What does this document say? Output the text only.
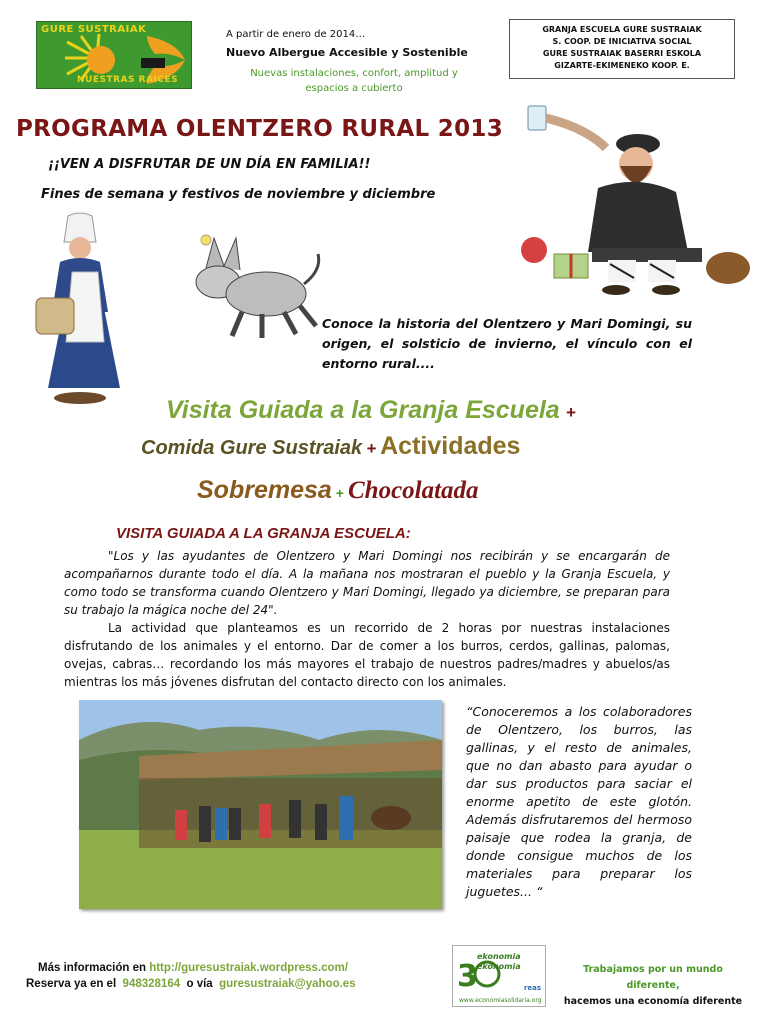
GURE SUSTRAIAK
NUESTRAS RAICES
A partir de enero de 2014…
Nuevo Albergue Accesible y Sostenible
Nuevas instalaciones, confort, amplitud y
espacios a cubierto
GRANJA ESCUELA GURE SUSTRAIAK
S. COOP. DE INICIATIVA SOCIAL
GURE SUSTRAIAK BASERRI ESKOLA
GIZARTE-EKIMENEKO KOOP. E.
PROGRAMA OLENTZERO RURAL 2013
¡¡VEN A DISFRUTAR DE UN DÍA EN FAMILIA!!
Fines de semana y festivos de noviembre y diciembre
Conoce la historia del Olentzero y Mari Domingi, su origen, el solsticio de invierno, el vínculo con el entorno rural....
Visita Guiada a la Granja Escuela +
Comida Gure Sustraiak + Actividades
Sobremesa + Chocolatada
VISITA GUIADA A LA GRANJA ESCUELA:

"Los y las ayudantes de Olentzero y Mari Domingi nos recibirán y se encargarán de acompañarnos durante todo el día. A la mañana nos mostraran el pueblo y la Granja Escuela, y como todo se transforma cuando Olentzero y Mari Domingi, llegado ya diciembre, se preparan para su trabajo la mágica noche del 24".

La actividad que planteamos es un recorrido de 2 horas por nuestras instalaciones disfrutando de los animales y el entorno. Dar de comer a los burros, cerdos, gallinas, palomas, ovejas, cabras… recordando los más mayores el trabajo de nuestros padres/madres y abuelos/as mientras los más jóvenes disfrutan del contacto directo con los animales.

“Conoceremos a los colaboradores de Olentzero, los burros, las gallinas, y el resto de animales, que no dan abasto para ayudar o dar sus productos para saciar el enorme apetito de este glotón. Además disfrutaremos del hermoso paisaje que rodea la granja, de donde consigue muchos de los materiales para preparar los juguetes... “
Más información en http://guresustraiak.wordpress.com/
Reserva ya en el 948328164 o vía guresustraiak@yahoo.es	3
ekonomia
ekonomia
reas
www.economiasolidaria.org
Trabajamos por un mundo diferente,
hacemos una economía diferente
